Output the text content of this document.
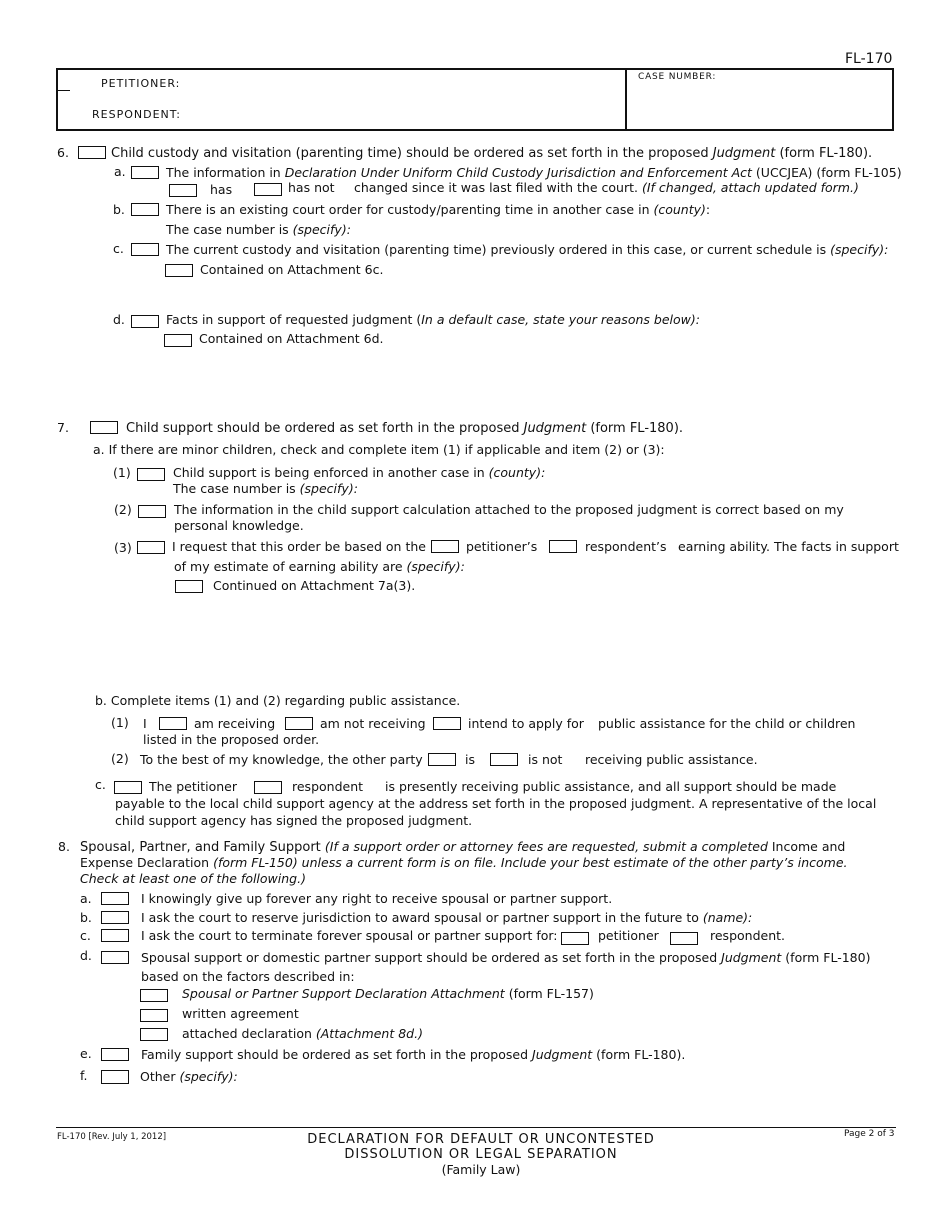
FL-170
PETITIONER:
RESPONDENT:
CASE NUMBER:
6.	Child custody and visitation (parenting time) should be ordered as set forth in the proposed Judgment (form FL-180).
a.	The information in Declaration Under Uniform Child Custody Jurisdiction and Enforcement Act (UCCJEA) (form FL-105)
has	has not changed since it was last filed with the court. (If changed, attach updated form.)
b.	There is an existing court order for custody/parenting time in another case in (county):
The case number is (specify):
c.	The current custody and visitation (parenting time) previously ordered in this case, or current schedule is (specify):
Contained on Attachment 6c.
d.	Facts in support of requested judgment (In a default case, state your reasons below):
Contained on Attachment 6d.
7.	Child support should be ordered as set forth in the proposed Judgment (form FL-180).
a. If there are minor children, check and complete item (1) if applicable and item (2) or (3):
(1)	Child support is being enforced in another case in (county):
The case number is (specify):
(2)	The information in the child support calculation attached to the proposed judgment is correct based on my
personal knowledge.
(3)	I request that this order be based on the	petitioner’s	respondent’s earning ability. The facts in support
of my estimate of earning ability are (specify):
Continued on Attachment 7a(3).
b. Complete items (1) and (2) regarding public assistance.
(1) I	am receiving	am not receiving	intend to apply for public assistance for the child or children
listed in the proposed order.
(2) To the best of my knowledge, the other party	is	is not receiving public assistance.
c.	The petitioner	respondent is presently receiving public assistance, and all support should be made
payable to the local child support agency at the address set forth in the proposed judgment. A representative of the local
child support agency has signed the proposed judgment.
8. Spousal, Partner, and Family Support (If a support order or attorney fees are requested, submit a completed Income and
Expense Declaration (form FL-150) unless a current form is on file. Include your best estimate of the other party’s income.
Check at least one of the following.)
a.	I knowingly give up forever any right to receive spousal or partner support.
b.	I ask the court to reserve jurisdiction to award spousal or partner support in the future to (name):
c.	I ask the court to terminate forever spousal or partner support for:	petitioner	respondent.
d.	Spousal support or domestic partner support should be ordered as set forth in the proposed Judgment (form FL-180)
based on the factors described in:
Spousal or Partner Support Declaration Attachment (form FL-157)
written agreement
attached declaration (Attachment 8d.)
e.	Family support should be ordered as set forth in the proposed Judgment (form FL-180).
f.	Other (specify):
FL-170 [Rev. July 1, 2012]	DECLARATION FOR DEFAULT OR UNCONTESTED
DISSOLUTION OR LEGAL SEPARATION
(Family Law)
Page 2 of 3
